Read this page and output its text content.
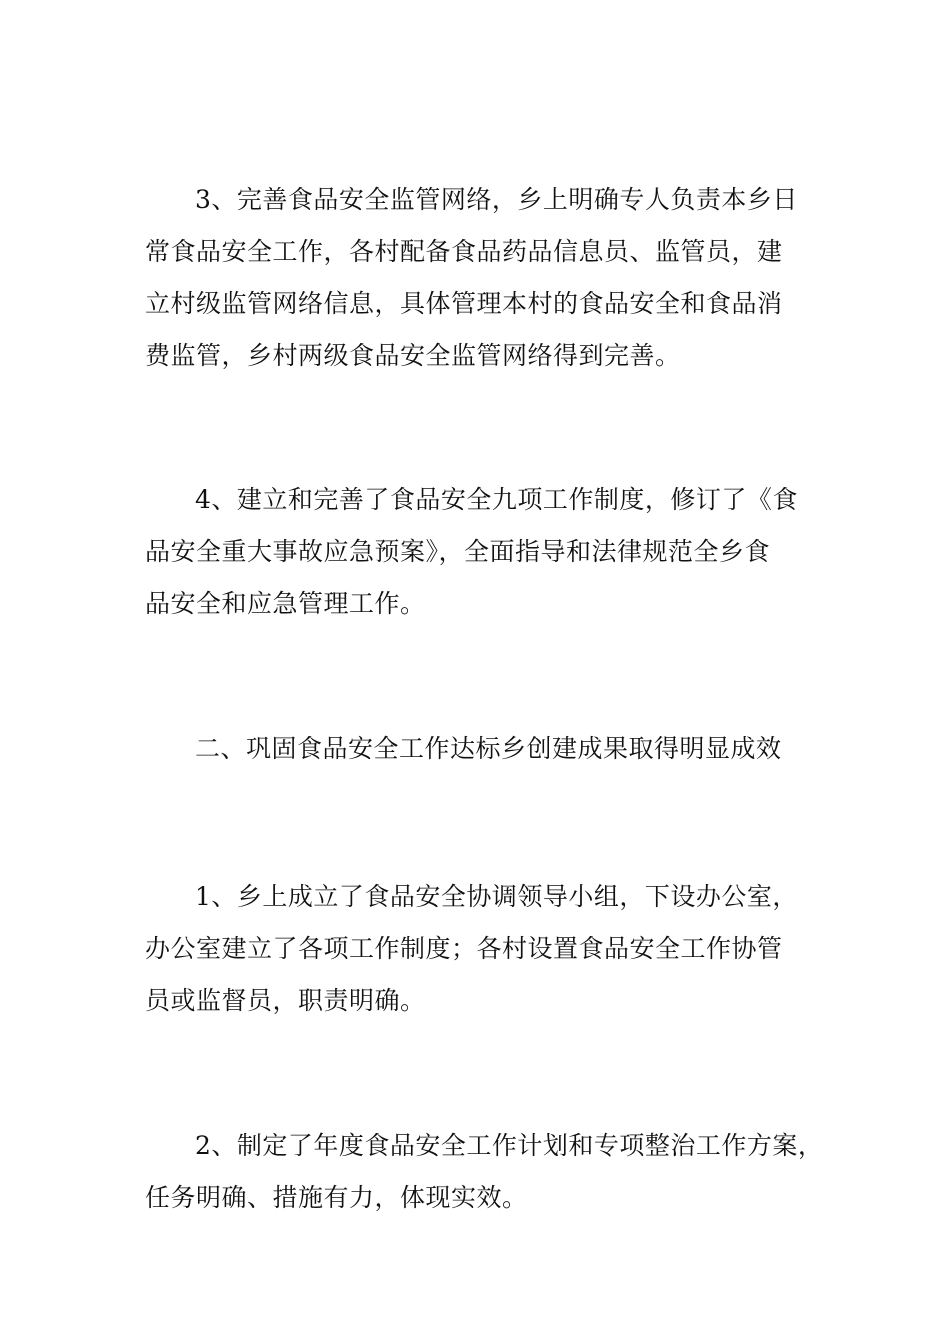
3、完善食品安全监管网络，乡上明确专人负责本乡日
常食品安全工作，各村配备食品药品信息员、监管员，建
立村级监管网络信息，具体管理本村的食品安全和食品消
费监管，乡村两级食品安全监管网络得到完善。

4、建立和完善了食品安全九项工作制度，修订了《食
品安全重大事故应急预案》，全面指导和法律规范全乡食
品安全和应急管理工作。

二、巩固食品安全工作达标乡创建成果取得明显成效

1、乡上成立了食品安全协调领导小组，下设办公室，
办公室建立了各项工作制度；各村设置食品安全工作协管
员或监督员，职责明确。

2、制定了年度食品安全工作计划和专项整治工作方案，
任务明确、措施有力，体现实效。
